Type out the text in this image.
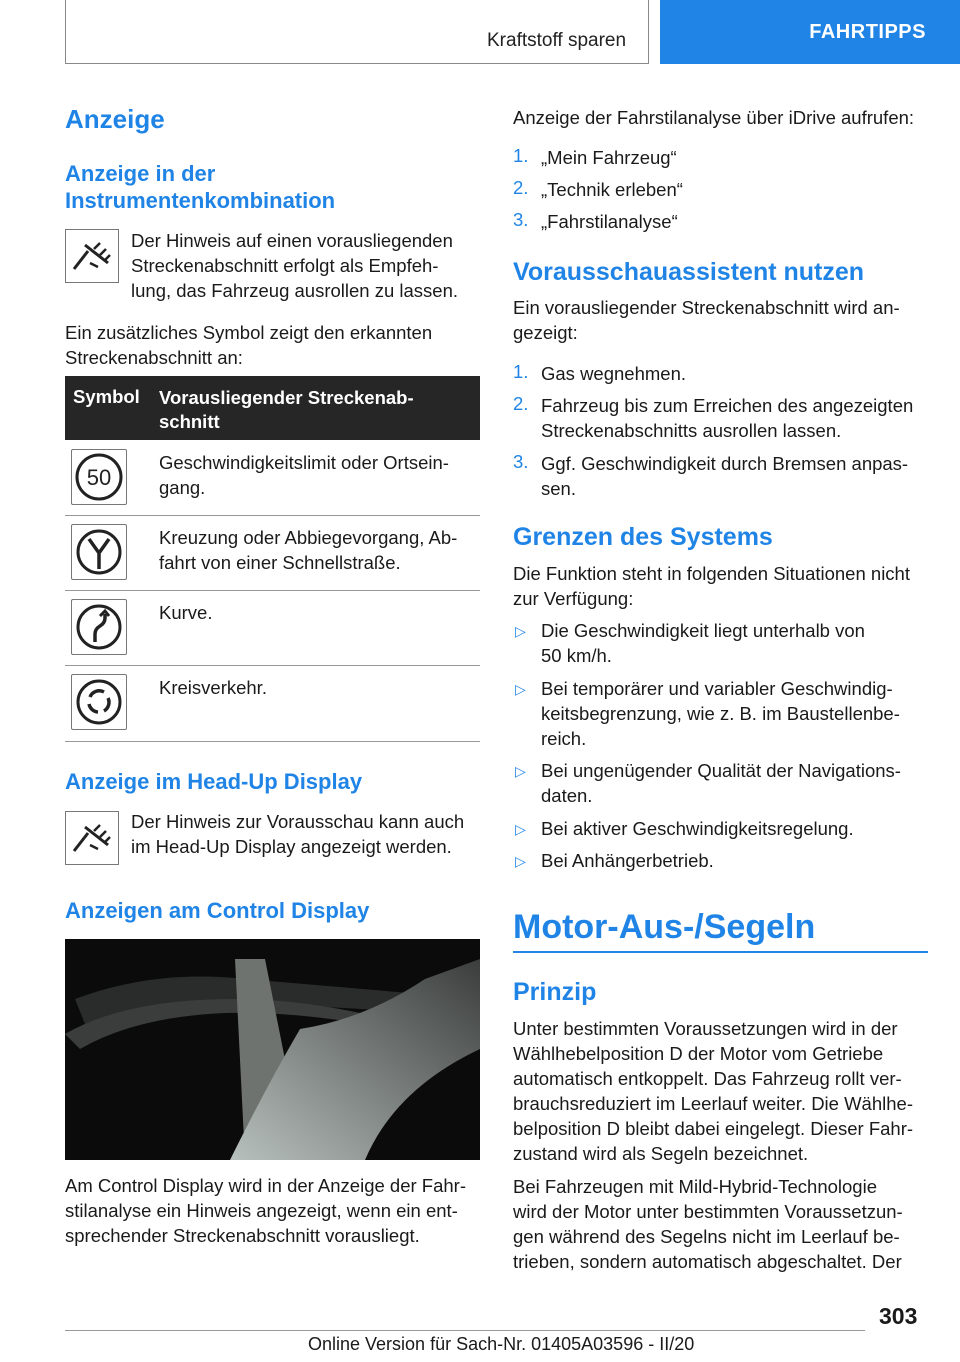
Kraftstoff sparen	FAHRTIPPS
Anzeige
Anzeige in der
Instrumentenkombination
Der Hinweis auf einen vorausliegenden
Streckenabschnitt erfolgt als Empfeh-
lung, das Fahrzeug ausrollen zu lassen.
Ein zusätzliches Symbol zeigt den erkannten
Streckenabschnitt an:
Symbol Vorausliegender Streckenab-
schnitt
50
Geschwindigkeitslimit oder Ortsein-
gang.
Kreuzung oder Abbiegevorgang, Ab-
fahrt von einer Schnellstraße.
Kurve.
Kreisverkehr.
Anzeige im Head-Up Display
Der Hinweis zur Vorausschau kann auch
im Head-Up Display angezeigt werden.
Anzeigen am Control Display
Am Control Display wird in der Anzeige der Fahr-
stilanalyse ein Hinweis angezeigt, wenn ein ent-
sprechender Streckenabschnitt vorausliegt.
Anzeige der Fahrstilanalyse über iDrive aufrufen:
1. „Mein Fahrzeug“
2. „Technik erleben“
3. „Fahrstilanalyse“
Vorausschauassistent nutzen
Ein vorausliegender Streckenabschnitt wird an-
gezeigt:
1. Gas wegnehmen.
2. Fahrzeug bis zum Erreichen des angezeigten
Streckenabschnitts ausrollen lassen.
3. Ggf. Geschwindigkeit durch Bremsen anpas-
sen.
Grenzen des Systems
Die Funktion steht in folgenden Situationen nicht
zur Verfügung:
▷ Die Geschwindigkeit liegt unterhalb von
50 km/h.
▷ Bei temporärer und variabler Geschwindig-
keitsbegrenzung, wie z. B. im Baustellenbe-
reich.
▷ Bei ungenügender Qualität der Navigations-
daten.
▷ Bei aktiver Geschwindigkeitsregelung.
▷ Bei Anhängerbetrieb.
Motor-Aus-/Segeln
Prinzip
Unter bestimmten Voraussetzungen wird in der
Wählhebelposition D der Motor vom Getriebe
automatisch entkoppelt. Das Fahrzeug rollt ver-
brauchsreduziert im Leerlauf weiter. Die Wählhe-
belposition D bleibt dabei eingelegt. Dieser Fahr-
zustand wird als Segeln bezeichnet.
Bei Fahrzeugen mit Mild-Hybrid-Technologie
wird der Motor unter bestimmten Voraussetzun-
gen während des Segelns nicht im Leerlauf be-
trieben, sondern automatisch abgeschaltet. Der
303
Online Version für Sach-Nr. 01405A03596 - II/20
